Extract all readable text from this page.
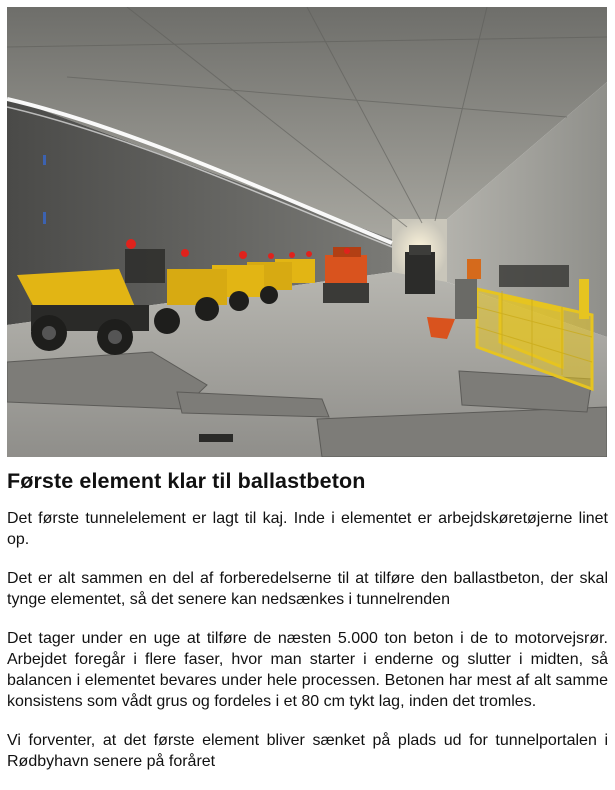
Første element klar til ballastbeton

Det første tunnelelement er lagt til kaj. Inde i elementet er arbejdskøretøjerne linet op.

Det er alt sammen en del af forberedelserne til at tilføre den ballastbeton, der skal tynge elementet, så det senere kan nedsænkes i tunnelrenden

Det tager under en uge at tilføre de næsten 5.000 ton beton i de to motorvejsrør. Arbejdet foregår i flere faser, hvor man starter i enderne og slutter i midten, så balancen i elementet bevares under hele processen. Betonen har mest af alt samme konsistens som vådt grus og fordeles i et 80 cm tykt lag, inden det tromles.

Vi forventer, at det første element bliver sænket på plads ud for tunnelportalen i Rødbyhavn senere på foråret
